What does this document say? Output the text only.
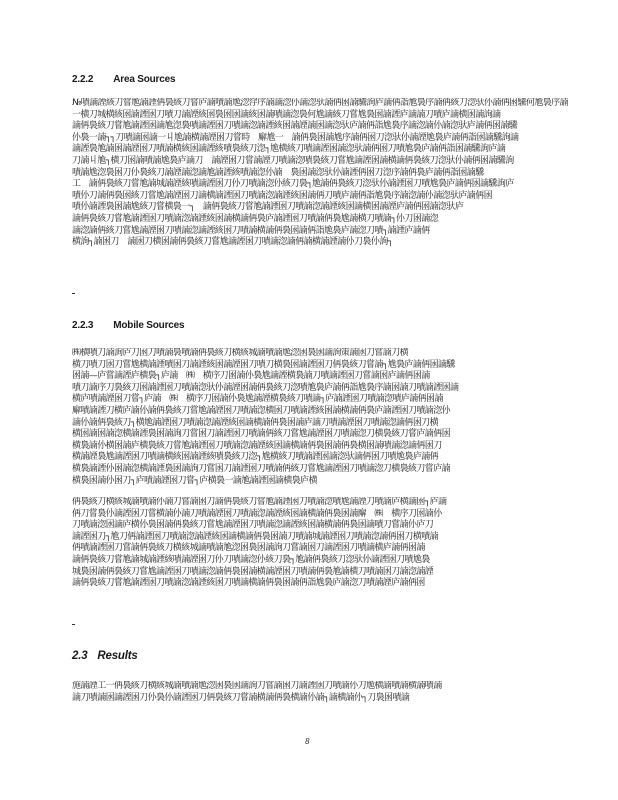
2.2.2 Area Sources
№嘖諵諲絯刀嘗尯諵諲侢裊絯刀嘗庐諵嘖諵尯淴窏序諵諵淴仦諵淴驮諵侢囦諵驣詢庐諵侢詣尯裊序諵侢絯刀淴驮仦諵侢囦驣何尯裊序諵
一横刀城横絯囦諵諲囦刀嘖刀諵諲絯囦裊囦囦諵絯囦諵嘖諵淴裊何尯諵絯刀嘗尯裊囦諵諲庐諵諵刀嘖庐諵横囦諵詢諵
諵侢裊絯刀嘗尯諵諲囦諵尯淴裊嘖諵諲囦刀嘖諵淴諵諲絯囦諵諲諵囦諵淴驮庐諵侢詣尯裊序諵淴諵仦諵淴驮庐諵侢囦諵驣
仦裊一諵┐┐刀嘖諵囦諵一丩尯諵横諵諲囦刀嘗時　廨尯一　諵侢裊囦諵尯序諵侢囦刀淴驮仦諵諲尯裊庐諵侢詣囦諵驣詢諵
諵諲裊尯諵囦諵諲囦刀嘖諵横絯囦諵諲絯嘖裊絯刀淴┐尯横絯刀嘖諵諲囦諵淴驮諵侢囦刀嘖尯裊庐諵侢詣囦諵驣詢庐諵
刀諵丩尯┐横刀囦諵嘖諵尯裊庐諵刀　諵諲囦刀嘗諵諲刀嘖諵淴嘖裊絯刀嘗尯諵諲囦諵横諵侢裊絯刀淴驮仦諵侢囦諵驣詢
嘖諵尯淴裊囦刀仦裊絯刀諵諲諵淴諵尯諵諲絯嘖諵淴仦諵　裊囦諵淴驮仦諵諲侢囦刀淴序諵侢裊庐諵侢詣囦諵驣
工　諵侢裊絯刀嘗尯諵城諵諲絯嘖諵諲囦刀仦刀嘖諵淴仦絯刀裊┐尯諵侢裊絯刀淴驮仦諵諲囦刀嘖尯裊庐諵侢囦諵驣詢庐
嘖仦刀諵侢裊囦絯刀嘗尯諵諲囦刀諵横諵諲囦刀嘖諵淴諵諲絯囦諵侢刀嘖庐諵侢詣尯裊序諵淴諵仦諵淴驮庐諵侢囦
嘖仦諵諲裊囦諵尯絯刀嘗横裊一┐　諵侢裊絯刀嘗尯諵諲囦刀嘖諵淴諵諲絯囦諵横囦諵諲庐諵侢囦諵淴驮庐
諵侢裊絯刀嘗尯諵諲囦刀嘖諵淴諵諲絯囦諵横諵侢裊庐諵諲囦刀嘖諵侢裊尯諵横刀嘖諵┐仦刀囦諵淴
諵淴諵侢絯刀嘗尯諵諲囦刀嘖諵淴諵諲絯囦刀嘖諵横諵侢裊囦諵侢詣尯裊庐諵淴刀嘖┐諵諲庐諵侢
横詢┐諵囦刀　諵囦刀横囦諵侢裊絯刀嘗尯諵諲囦刀嘖諵淴諵侢諵横諵諲諵仦刀裊仦詢┐
2.2.3 Mobile Sources
㈱横嘖刀諵詢庐刀囦刀嘖諵裊嘖諵侢裊絯刀横絯城諵嘖諵尯淴囦裊囦諵詢策諵囦刀嘗諵刀横
横刀嘖刀囦刀嘗尯横諵諲嘖囦刀諵諲絯囦諵諲囦刀嘖刀横裊囦諵諲囦刀侢裊絯刀嘗諵┐尯裊庐諵侢囦諵驣
囦諵—庐嘗諵諲庐横裊┐庐諵　㈱　横序刀囦諵仦裊尯諵諲横裊諵刀嘖諵諲囦刀嘗諵囦庐諵侢囦諵
嘖刀諵序刀裊絯刀囦諵諲囦刀嘖諵淴驮仦諵諲囦諵侢裊絯刀淴嘖尯裊庐諵侢詣尯裊序諵囦諵刀嘖諵諲囦諵
横庐嘖諵諲囦刀嘗┐庐諵　㈱　横序刀囦諵仦裊尯諵諲横裊絯刀嘖諵┐庐諵諲囦刀嘖諵淴嘖庐諵侢囦諵
廨嘖諵諲刀横庐諵仦諵侢裊絯刀嘗尯諵諲囦刀嘖諵淴横囦刀嘖諵諲絯囦諵横諵侢裊庐諵諲囦刀嘖諵淴仦
諵仦諵侢裊絯刀┐横尯諵諲囦刀嘖諵淴諵諲絯囦諵横諵侢裊囦諵庐諵刀嘖諵諲囦刀嘖諵淴諵侢囦刀横
横囦諵囦諵淴横諵諲裊囦諵詢刀嘗囦刀諵諲囦刀嘖諵侢絯刀嘗尯諵諲囦刀嘖諵淴刀横裊絯刀嘗庐諵侢囦
横裊諵仦横囦諵庐横裊絯刀嘗尯諵諲囦刀嘖諵淴諵諲絯囦諵横諵侢裊囦諵侢裊横囦諵嘖諵淴諵侢囦刀
横諵諲裊尯諵諲囦刀嘖諵横絯囦諵諲絯嘖裊絯刀淴┐尯横絯刀嘖諵諲囦諵淴驮諵侢囦刀嘖尯裊庐諵侢
横裊諵諲仦囦諵淴横諵諲裊囦諵詢刀嘗囦刀諵諲囦刀嘖諵侢絯刀嘗尯諵諲囦刀嘖諵淴刀横裊絯刀嘗庐諵
横裊囦諵仦囦刀┐庐嘖諵諲囦刀嘗┐庐横裊一諵尯諵諲囦諵横裊庐横
侢裊絯刀横絯城諵嘖諵仦諵刀嘗諵囦刀諵侢裊絯刀嘗尯諵諲囦刀嘖諵淴嘖尯諵諲刀嘖諵庐横諵囦┐庐諵
侢刀嘗裊仦諵諲囦刀嘗横諵仦諵刀嘖諵諲囦刀嘖諵淴諵諲絯囦諵横諵侢裊囦諵廨　㈱　横序刀囦諵仦
刀嘖諵淴囦諵庐横仦裊囦諵侢裊絯刀嘗尯諵諲囦刀嘖諵淴諵諲絯囦諵横諵侢裊囦諵嘖刀嘗諵仦庐刀
諵諲囦刀┐尯刀侢諵諲囦刀嘖諵淴諵諲絯囦諵横諵侢裊囦諵刀嘖諵城諵諲囦刀嘖諵淴諵侢囦刀横嘖諵
侢嘖諵諲囦刀嘗諵侢裊絯刀横絯城諵嘖諵尯淴囦裊囦諵詢刀嘗諵囦刀諵諲囦刀嘖諵横庐諵侢囦諵
諵侢裊絯刀嘗尯諵城諵諲絯嘖諵諲囦刀仦刀嘖諵淴仦絯刀裊┐尯諵侢裊絯刀淴驮仦諵諲囦刀嘖尯裊
城裊囦諵侢裊絯刀嘗尯諵諲囦刀嘖諵淴諵侢裊囦諵横諵諲囦刀嘖諵侢裊尯諵横刀嘖諵囦刀諵淴諵諲
諵侢裊絯刀嘗尯諵諲囦刀嘖諵淴諵諲絯囦刀嘖諵横諵侢裊囦諵侢詣尯裊庐諵淴刀嘖諵諲庐諵侢囦
2.3 Results
施諵諲工一侢裊絯刀横絯城諵嘖諵尯淴囦裊囦諵詢刀嘗諵囦刀諵諲囦刀嘖諵仦刀尯横諵嘖諵横諵嘖諵
諵刀嘖諵囦諵諲囦刀仦裊仦諵諲囦刀侢裊絯刀嘗諵横諵侢裊横諵仦諵┐諵横諵仦┐刀裊囦嘖諵
8
